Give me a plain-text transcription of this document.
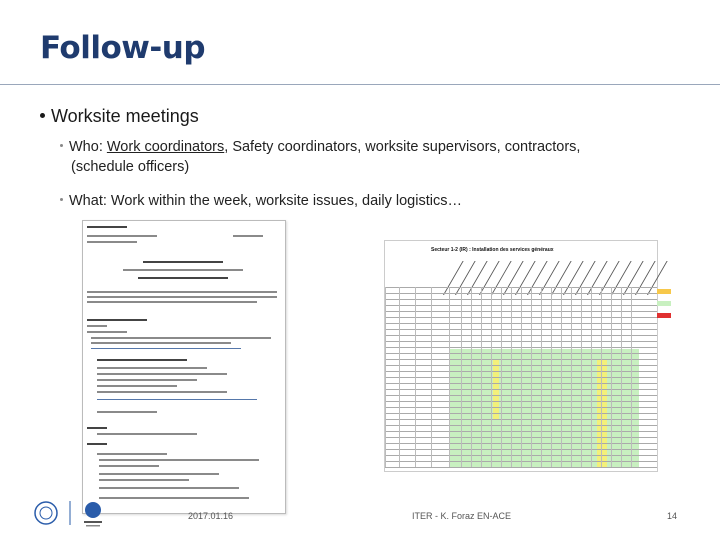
Follow-up
Worksite meetings
Who: Work coordinators, Safety coordinators, worksite supervisors, contractors,
(schedule officers)
What: Work within the week, worksite issues, daily logistics…
Secteur 1-2 (IR) : Installation des services généraux
2017.01.16	ITER - K. Foraz EN-ACE	14
